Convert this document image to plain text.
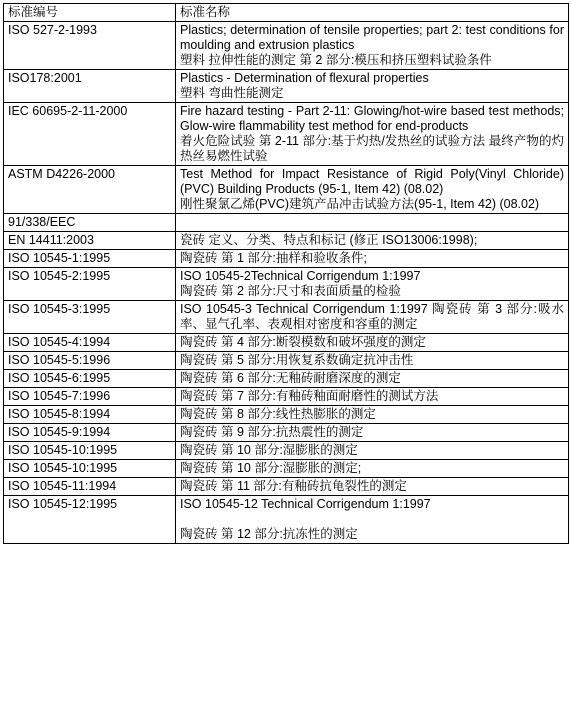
标准编号	标准名称
ISO 527-2-1993	Plastics; determination of tensile properties; part 2: test conditions for moulding and extrusion plastics
塑料 拉伸性能的测定 第 2 部分:模压和挤压塑料试验条件

ISO178:2001	Plastics - Determination of flexural properties
塑料 弯曲性能测定

IEC 60695-2-11-2000	Fire hazard testing - Part 2-11: Glowing/hot-wire based test methods; Glow-wire flammability test method for end-products
着火危险试验 第 2-11 部分:基于灼热/发热丝的试验方法 最终产物的灼热丝易燃性试验

ASTM D4226-2000	Test Method for Impact Resistance of Rigid Poly(Vinyl Chloride) (PVC) Building Products (95-1, Item 42) (08.02)
刚性聚氯乙烯(PVC)建筑产品冲击试验方法(95-1, Item 42) (08.02)

91/338/EEC	

EN 14411:2003	瓷砖 定义、分类、特点和标记 (修正 ISO13006:1998);

ISO 10545-1:1995	陶瓷砖 第 1 部分:抽样和验收条件;

ISO 10545-2:1995	ISO 10545-2Technical Corrigendum 1:1997
陶瓷砖 第 2 部分:尺寸和表面质量的检验

ISO 10545-3:1995	ISO 10545-3 Technical Corrigendum 1:1997 陶瓷砖 第 3 部分:吸水率、显气孔率、表观相对密度和容重的测定

ISO 10545-4:1994	陶瓷砖 第 4 部分:断裂模数和破坏强度的测定

ISO 10545-5:1996	陶瓷砖 第 5 部分:用恢复系数确定抗冲击性

ISO 10545-6:1995	陶瓷砖 第 6 部分:无釉砖耐磨深度的测定

ISO 10545-7:1996	陶瓷砖 第 7 部分:有釉砖釉面耐磨性的测试方法

ISO 10545-8:1994	陶瓷砖 第 8 部分:线性热膨胀的测定

ISO 10545-9:1994	陶瓷砖 第 9 部分:抗热震性的测定

ISO 10545-10:1995	陶瓷砖 第 10 部分:湿膨胀的测定

ISO 10545-10:1995	陶瓷砖 第 10 部分:湿膨胀的测定;

ISO 10545-11:1994	陶瓷砖 第 11 部分:有釉砖抗龟裂性的测定

ISO 10545-12:1995	ISO 10545-12 Technical Corrigendum 1:1997
陶瓷砖 第 12 部分:抗冻性的测定
